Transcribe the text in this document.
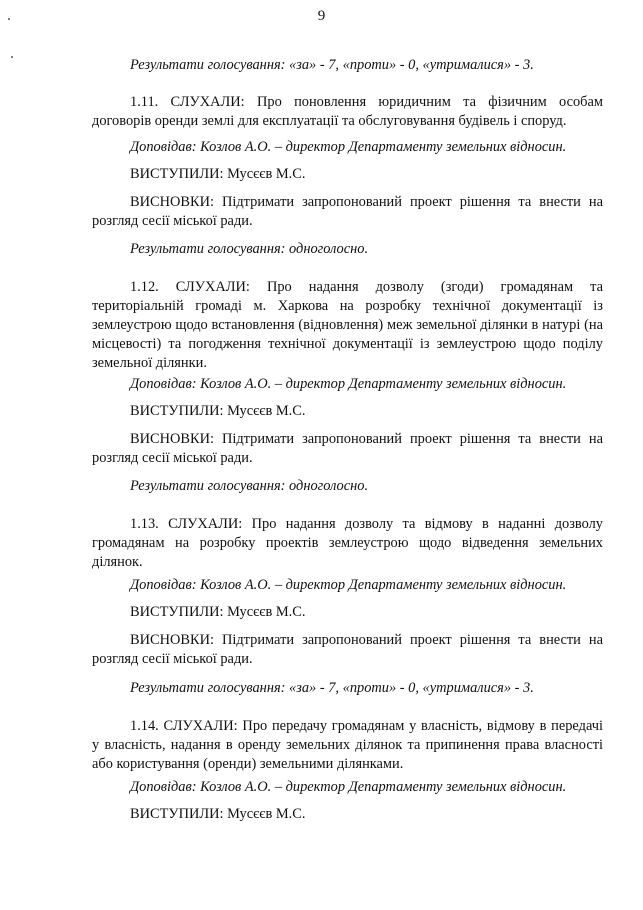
9

Результати голосування: «за» - 7, «проти» - 0, «утрималися» - 3.

1.11. СЛУХАЛИ: Про поновлення юридичним та фізичним особам договорів оренди землі для експлуатації та обслуговування будівель і споруд.

Доповідав: Козлов А.О. – директор Департаменту земельних відносин.

ВИСТУПИЛИ: Мусєєв М.С.

ВИСНОВКИ: Підтримати запропонований проект рішення та внести на розгляд сесії міської ради.

Результати голосування: одноголосно.

1.12. СЛУХАЛИ: Про надання дозволу (згоди) громадянам та територіальній громаді м. Харкова на розробку технічної документації із землеустрою щодо встановлення (відновлення) меж земельної ділянки в натурі (на місцевості) та погодження технічної документації із землеустрою щодо поділу земельної ділянки.

Доповідав: Козлов А.О. – директор Департаменту земельних відносин.

ВИСТУПИЛИ: Мусєєв М.С.

ВИСНОВКИ: Підтримати запропонований проект рішення та внести на розгляд сесії міської ради.

Результати голосування: одноголосно.

1.13. СЛУХАЛИ: Про надання дозволу та відмову в наданні дозволу громадянам на розробку проектів землеустрою щодо відведення земельних ділянок.

Доповідав: Козлов А.О. – директор Департаменту земельних відносин.

ВИСТУПИЛИ: Мусєєв М.С.

ВИСНОВКИ: Підтримати запропонований проект рішення та внести на розгляд сесії міської ради.

Результати голосування: «за» - 7, «проти» - 0, «утрималися» - 3.

1.14. СЛУХАЛИ: Про передачу громадянам у власність, відмову в передачі у власність, надання в оренду земельних ділянок та припинення права власності або користування (оренди) земельними ділянками.

Доповідав: Козлов А.О. – директор Департаменту земельних відносин.

ВИСТУПИЛИ: Мусєєв М.С.
